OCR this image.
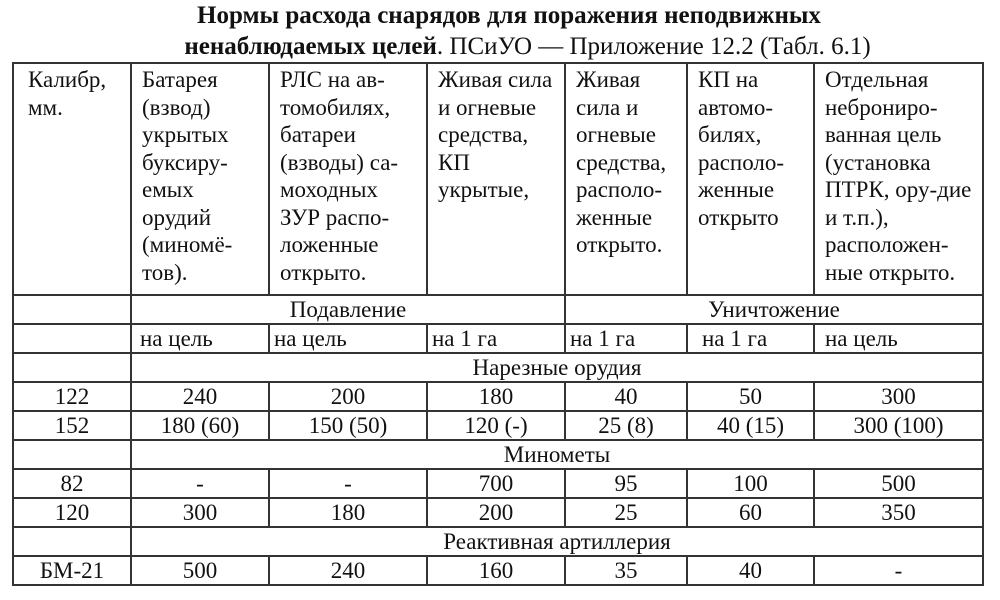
Нормы расхода снарядов для поражения неподвижных
ненаблюдаемых целей. ПСиУО — Приложение 12.2 (Табл. 6.1)
Калибр, мм.	Батарея (взвод) укрытых буксиру-емых орудий (миномё-тов).	РЛС на ав-томобилях, батареи (взводы) са-моходных ЗУР распо-ложенные открыто.	Живая сила и огневые средства, КП укрытые,	Живая сила и огневые средства, располо-женные открыто.	КП на автомо-билях, располо-женные открыто	Отдельная неброниро-ванная цель (установка ПТРК, ору-дие и т.п.), расположен-ные открыто.
	Подавление			Уничтожение		
	на цель	на цель	на 1 га	на 1 га	на 1 га	на цель
	Нарезные орудия					
122	240	200	180	40	50	300
152	180 (60)	150 (50)	120 (-)	25 (8)	40 (15)	300 (100)
	Минометы					
82	-	-	700	95	100	500
120	300	180	200	25	60	350
	Реактивная артиллерия					
БМ-21	500	240	160	35	40	-
